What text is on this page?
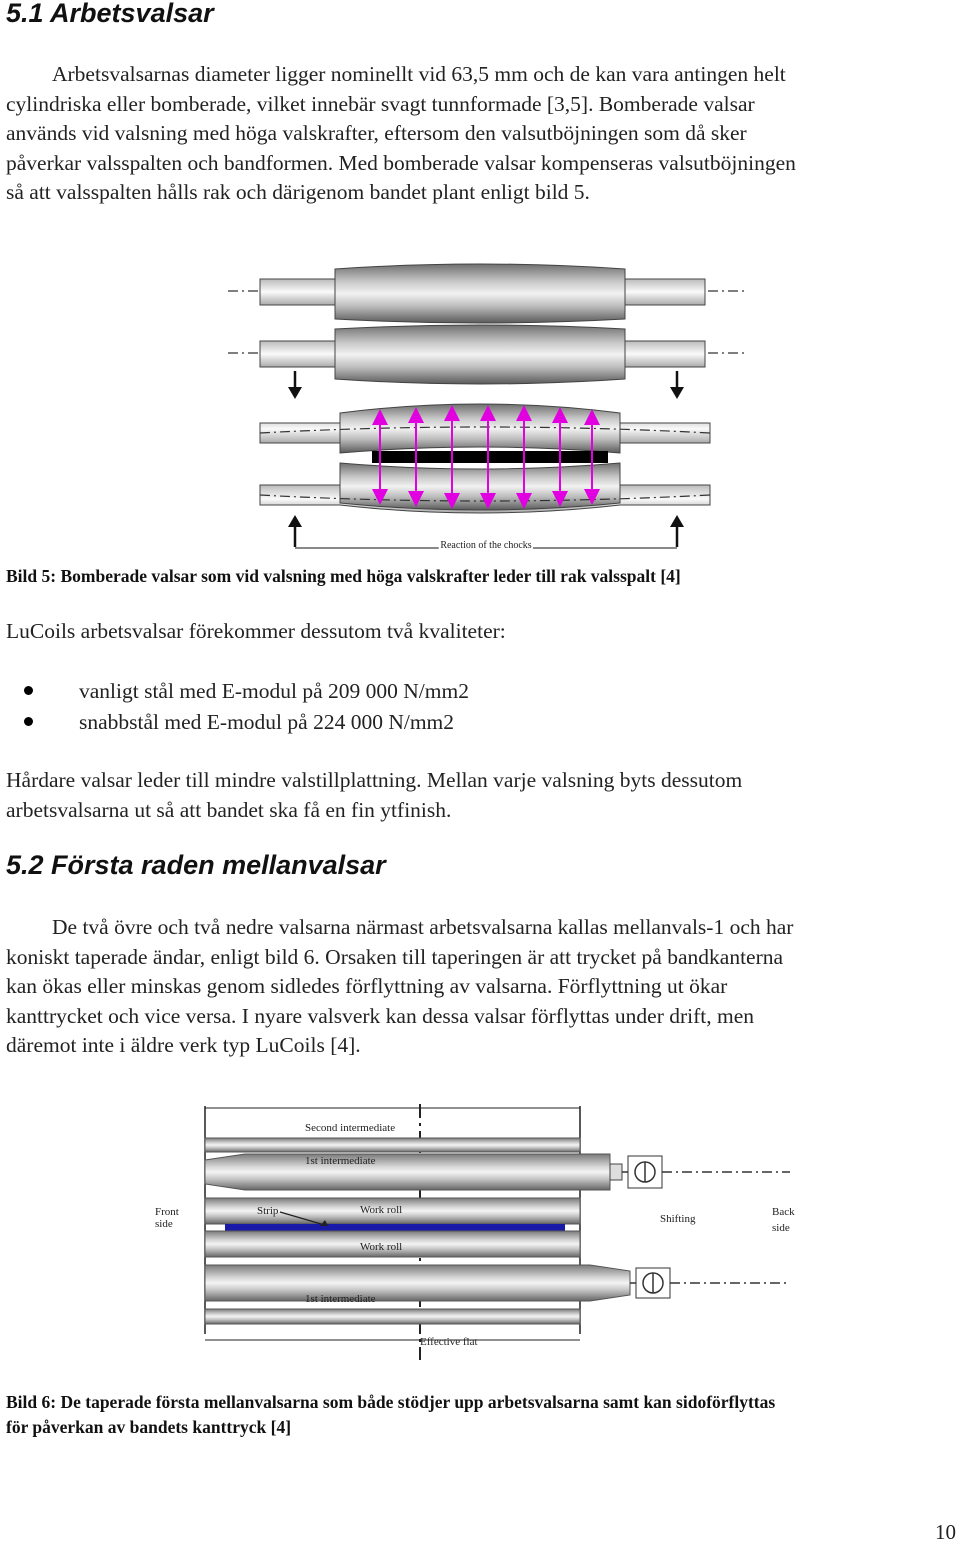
5.1 Arbetsvalsar

Arbetsvalsarnas diameter ligger nominellt vid 63,5 mm och de kan vara antingen helt
cylindriska eller bomberade, vilket innebär svagt tunnformade [3,5]. Bomberade valsar
används vid valsning med höga valskrafter, eftersom den valsutböjningen som då sker
påverkar valsspalten och bandformen. Med bomberade valsar kompenseras valsutböjningen
så att valsspalten hålls rak och därigenom bandet plant enligt bild 5.

Reaction of the chocks

Bild 5: Bomberade valsar som vid valsning med höga valskrafter leder till rak valsspalt [4]

LuCoils arbetsvalsar förekommer dessutom två kvaliteter:

vanligt stål med E-modul på 209 000 N/mm2
snabbstål med E-modul på 224 000 N/mm2

Hårdare valsar leder till mindre valstillplattning. Mellan varje valsning byts dessutom
arbetsvalsarna ut så att bandet ska få en fin ytfinish.

5.2 Första raden mellanvalsar

De två övre och två nedre valsarna närmast arbetsvalsarna kallas mellanvals-1 och har
koniskt taperade ändar, enligt bild 6. Orsaken till taperingen är att trycket på bandkanterna
kan ökas eller minskas genom sidledes förflyttning av valsarna. Förflyttning ut ökar
kanttrycket och vice versa. I nyare valsverk kan dessa valsar förflyttas under drift, men
däremot inte i äldre verk typ LuCoils [4].

Second intermediate
1st intermediate
Front
side
Strip	Work roll
Work roll
Shifting
Back
side
1st intermediate
Effective flat

Bild 6: De taperade första mellanvalsarna som både stödjer upp arbetsvalsarna samt kan sidoförflyttas
för påverkan av bandets kanttryck [4]

10
